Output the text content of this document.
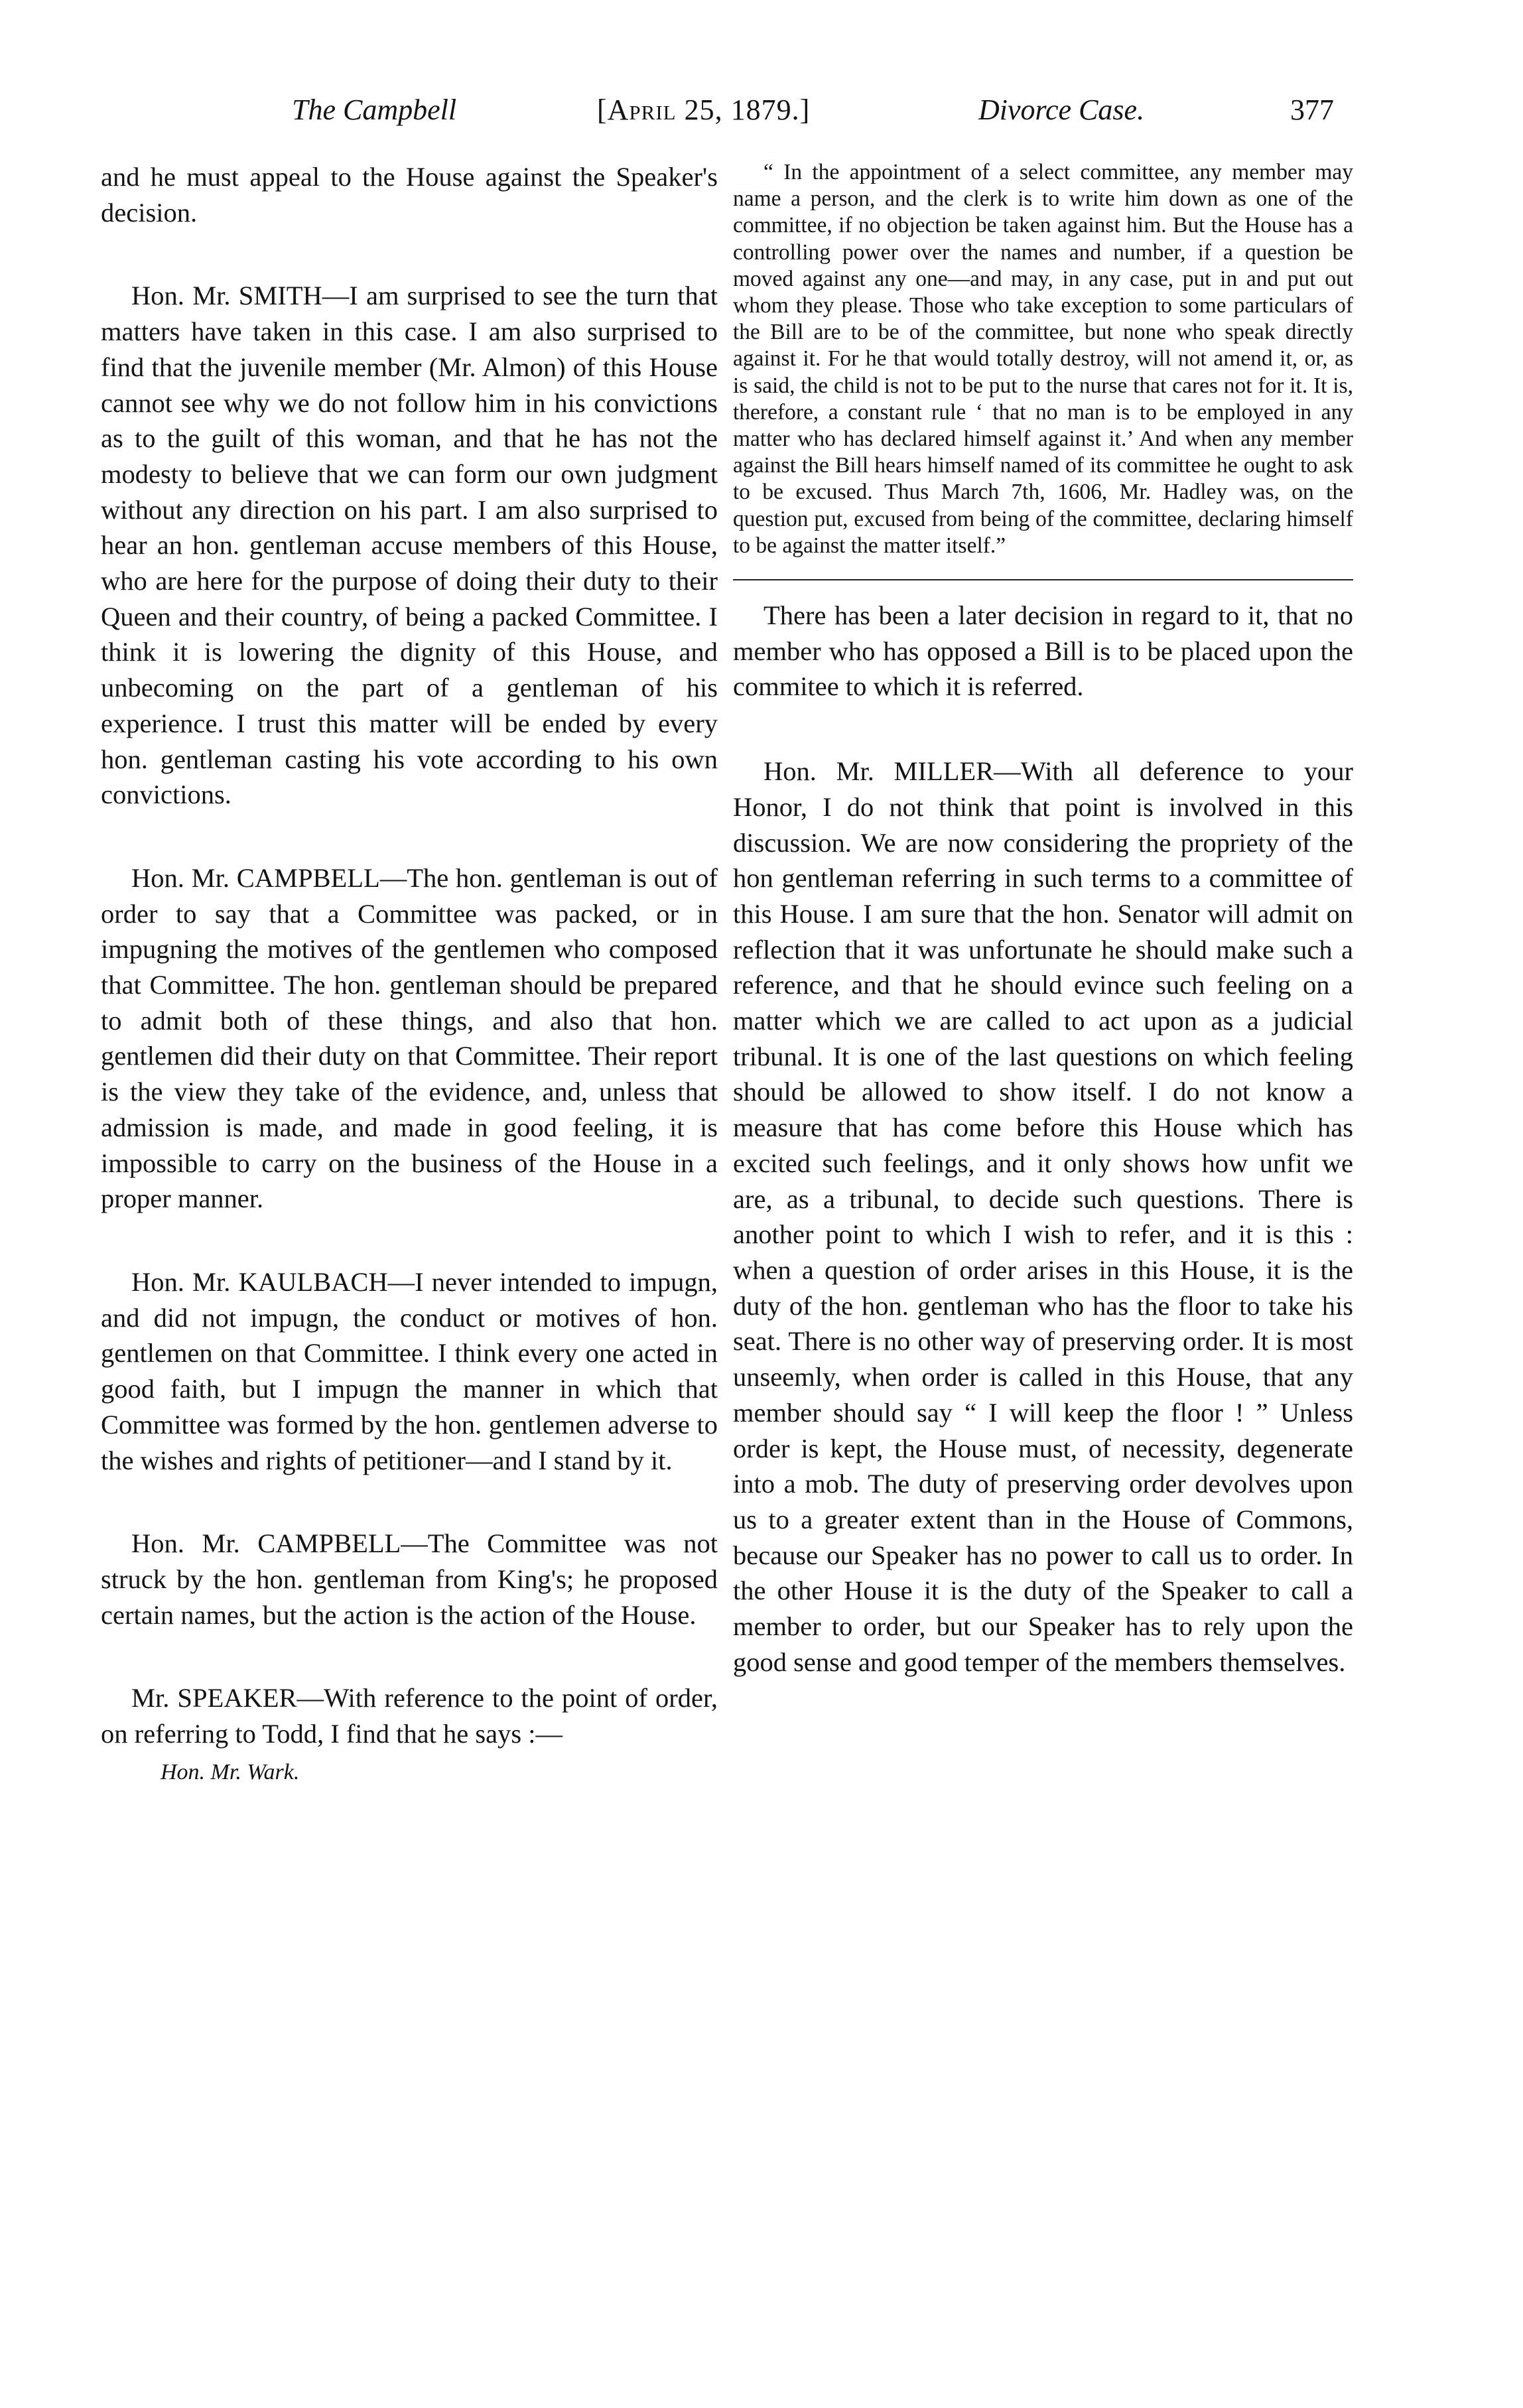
The Campbell	[April 25, 1879.]	Divorce Case.	377

and he must appeal to the House against the Speaker's decision.

Hon. Mr. SMITH—I am surprised to see the turn that matters have taken in this case. I am also surprised to find that the juvenile member (Mr. Almon) of this House cannot see why we do not follow him in his convictions as to the guilt of this woman, and that he has not the modesty to believe that we can form our own judgment without any direction on his part. I am also surprised to hear an hon. gentleman accuse members of this House, who are here for the purpose of doing their duty to their Queen and their country, of being a packed Committee. I think it is lowering the dignity of this House, and unbecoming on the part of a gentleman of his experience. I trust this matter will be ended by every hon. gentleman casting his vote according to his own convictions.

Hon. Mr. CAMPBELL—The hon. gentleman is out of order to say that a Committee was packed, or in impugning the motives of the gentlemen who composed that Committee. The hon. gentleman should be prepared to admit both of these things, and also that hon. gentlemen did their duty on that Committee. Their report is the view they take of the evidence, and, unless that admission is made, and made in good feeling, it is impossible to carry on the business of the House in a proper manner.

Hon. Mr. KAULBACH—I never intended to impugn, and did not impugn, the conduct or motives of hon. gentlemen on that Committee. I think every one acted in good faith, but I impugn the manner in which that Committee was formed by the hon. gentlemen adverse to the wishes and rights of petitioner—and I stand by it.

Hon. Mr. CAMPBELL—The Committee was not struck by the hon. gentleman from King's; he proposed certain names, but the action is the action of the House.

Mr. SPEAKER—With reference to the point of order, on referring to Todd, I find that he says :—

Hon. Mr. Wark.

“ In the appointment of a select committee, any member may name a person, and the clerk is to write him down as one of the committee, if no objection be taken against him. But the House has a controlling power over the names and number, if a question be moved against any one—and may, in any case, put in and put out whom they please. Those who take exception to some particulars of the Bill are to be of the committee, but none who speak directly against it. For he that would totally destroy, will not amend it, or, as is said, the child is not to be put to the nurse that cares not for it. It is, therefore, a constant rule ‘ that no man is to be employed in any matter who has declared himself against it.’ And when any member against the Bill hears himself named of its committee he ought to ask to be excused. Thus March 7th, 1606, Mr. Hadley was, on the question put, excused from being of the committee, declaring himself to be against the matter itself.”

There has been a later decision in regard to it, that no member who has opposed a Bill is to be placed upon the commitee to which it is referred.

Hon. Mr. MILLER—With all deference to your Honor, I do not think that point is involved in this discussion. We are now considering the propriety of the hon gentleman referring in such terms to a committee of this House. I am sure that the hon. Senator will admit on reflection that it was unfortunate he should make such a reference, and that he should evince such feeling on a matter which we are called to act upon as a judicial tribunal. It is one of the last questions on which feeling should be allowed to show itself. I do not know a measure that has come before this House which has excited such feelings, and it only shows how unfit we are, as a tribunal, to decide such questions. There is another point to which I wish to refer, and it is this : when a question of order arises in this House, it is the duty of the hon. gentleman who has the floor to take his seat. There is no other way of preserving order. It is most unseemly, when order is called in this House, that any member should say “ I will keep the floor ! ” Unless order is kept, the House must, of necessity, degenerate into a mob. The duty of preserving order devolves upon us to a greater extent than in the House of Commons, because our Speaker has no power to call us to order. In the other House it is the duty of the Speaker to call a member to order, but our Speaker has to rely upon the good sense and good temper of the members themselves.
